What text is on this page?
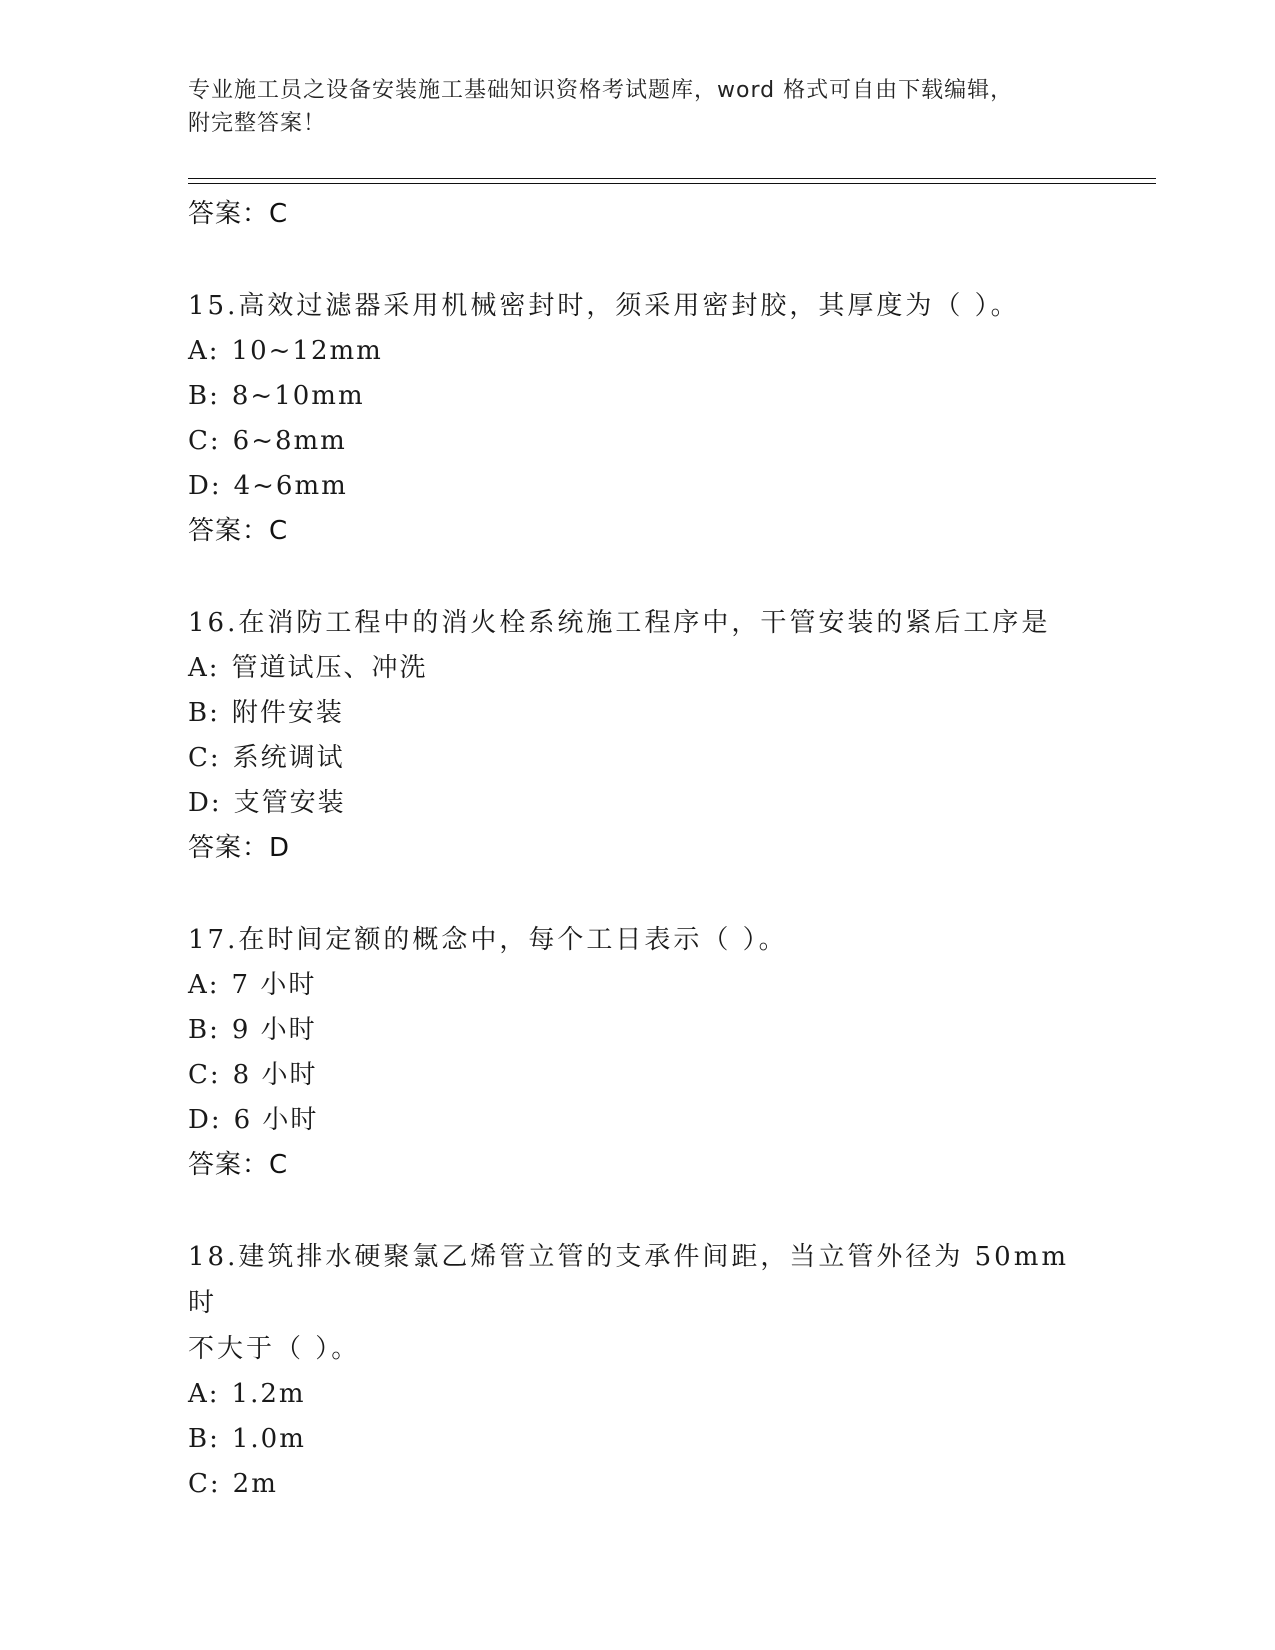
专业施工员之设备安装施工基础知识资格考试题库，word 格式可自由下载编辑，
附完整答案！
答案：C
15.高效过滤器采用机械密封时，须采用密封胶，其厚度为（ ）。
A: 10~12mm
B: 8~10mm
C: 6~8mm
D: 4~6mm
答案：C
16.在消防工程中的消火栓系统施工程序中，干管安装的紧后工序是
A: 管道试压、冲洗
B: 附件安装
C: 系统调试
D: 支管安装
答案：D
17.在时间定额的概念中，每个工日表示（ ）。
A: 7 小时
B: 9 小时
C: 8 小时
D: 6 小时
答案：C
18.建筑排水硬聚氯乙烯管立管的支承件间距，当立管外径为 50mm 时
不大于（ ）。
A: 1.2m
B: 1.0m
C: 2m
